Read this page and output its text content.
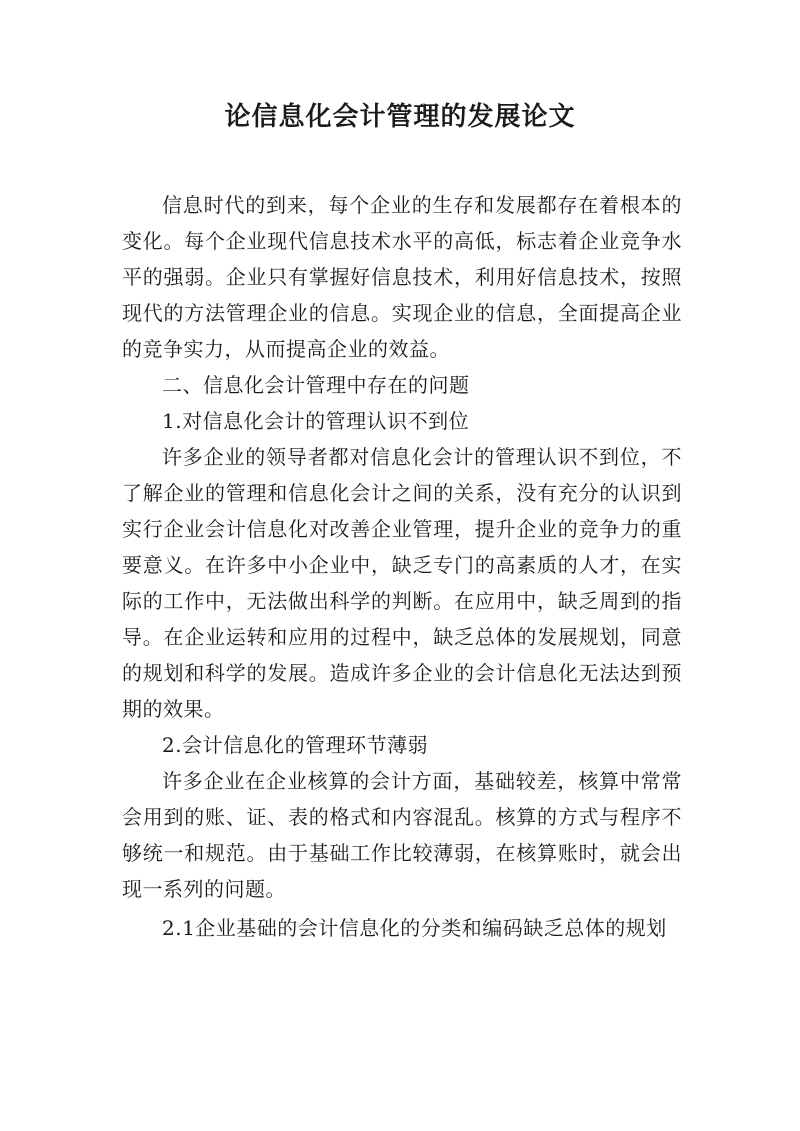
论信息化会计管理的发展论文

信息时代的到来，每个企业的生存和发展都存在着根本的变化。每个企业现代信息技术水平的高低，标志着企业竞争水平的强弱。企业只有掌握好信息技术，利用好信息技术，按照现代的方法管理企业的信息。实现企业的信息，全面提高企业的竞争实力，从而提高企业的效益。

二、信息化会计管理中存在的问题

1.对信息化会计的管理认识不到位

许多企业的领导者都对信息化会计的管理认识不到位，不了解企业的管理和信息化会计之间的关系，没有充分的认识到实行企业会计信息化对改善企业管理，提升企业的竞争力的重要意义。在许多中小企业中，缺乏专门的高素质的人才，在实际的工作中，无法做出科学的判断。在应用中，缺乏周到的指导。在企业运转和应用的过程中，缺乏总体的发展规划，同意的规划和科学的发展。造成许多企业的会计信息化无法达到预期的效果。

2.会计信息化的管理环节薄弱

许多企业在企业核算的会计方面，基础较差，核算中常常会用到的账、证、表的格式和内容混乱。核算的方式与程序不够统一和规范。由于基础工作比较薄弱，在核算账时，就会出现一系列的问题。

2.1企业基础的会计信息化的分类和编码缺乏总体的规划
